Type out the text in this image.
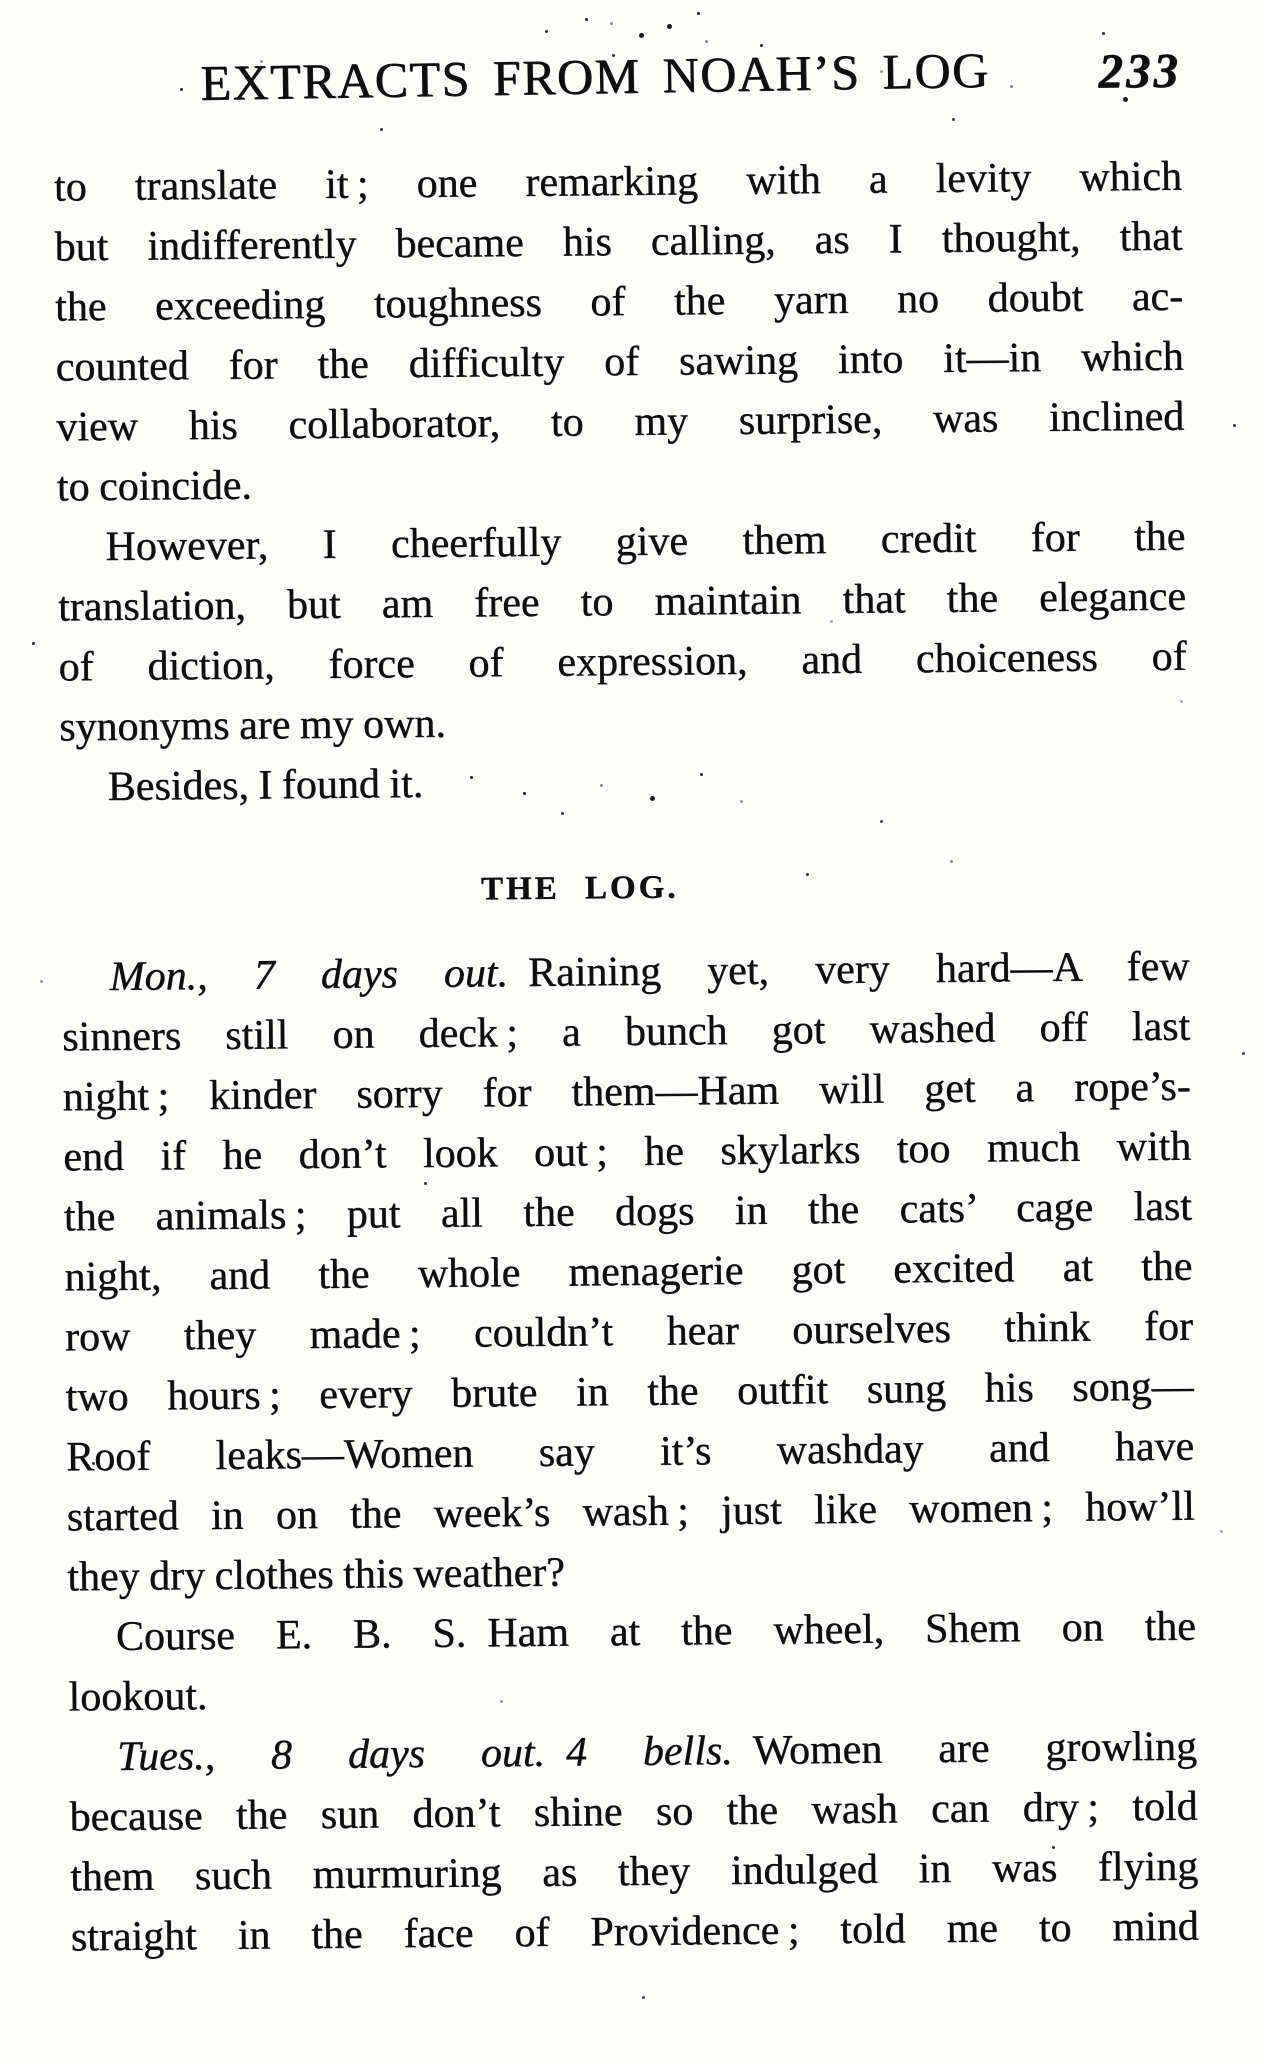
EXTRACTS FROM NOAH’S LOG 233
to translate it ; one remarking with a levity which
but indifferently became his calling, as I thought, that
the exceeding toughness of the yarn no doubt ac-
counted for the difficulty of sawing into it—in which
view his collaborator, to my surprise, was inclined
to coincide.
However, I cheerfully give them credit for the
translation, but am free to maintain that the elegance
of diction, force of expression, and choiceness of
synonyms are my own.
Besides, I found it.
THE LOG.
Mon., 7 days out. Raining yet, very hard—A few
sinners still on deck ; a bunch got washed off last
night ; kinder sorry for them—Ham will get a rope’s-
end if he don’t look out ; he skylarks too much with
the animals ; put all the dogs in the cats’ cage last
night, and the whole menagerie got excited at the
row they made ; couldn’t hear ourselves think for
two hours ; every brute in the outfit sung his song—
Roof leaks—Women say it’s washday and have
started in on the week’s wash ; just like women ; how’ll
they dry clothes this weather?
Course E. B. S. Ham at the wheel, Shem on the
lookout.
Tues., 8 days out. 4 bells. Women are growling
because the sun don’t shine so the wash can dry ; told
them such murmuring as they indulged in was flying
straight in the face of Providence ; told me to mind
